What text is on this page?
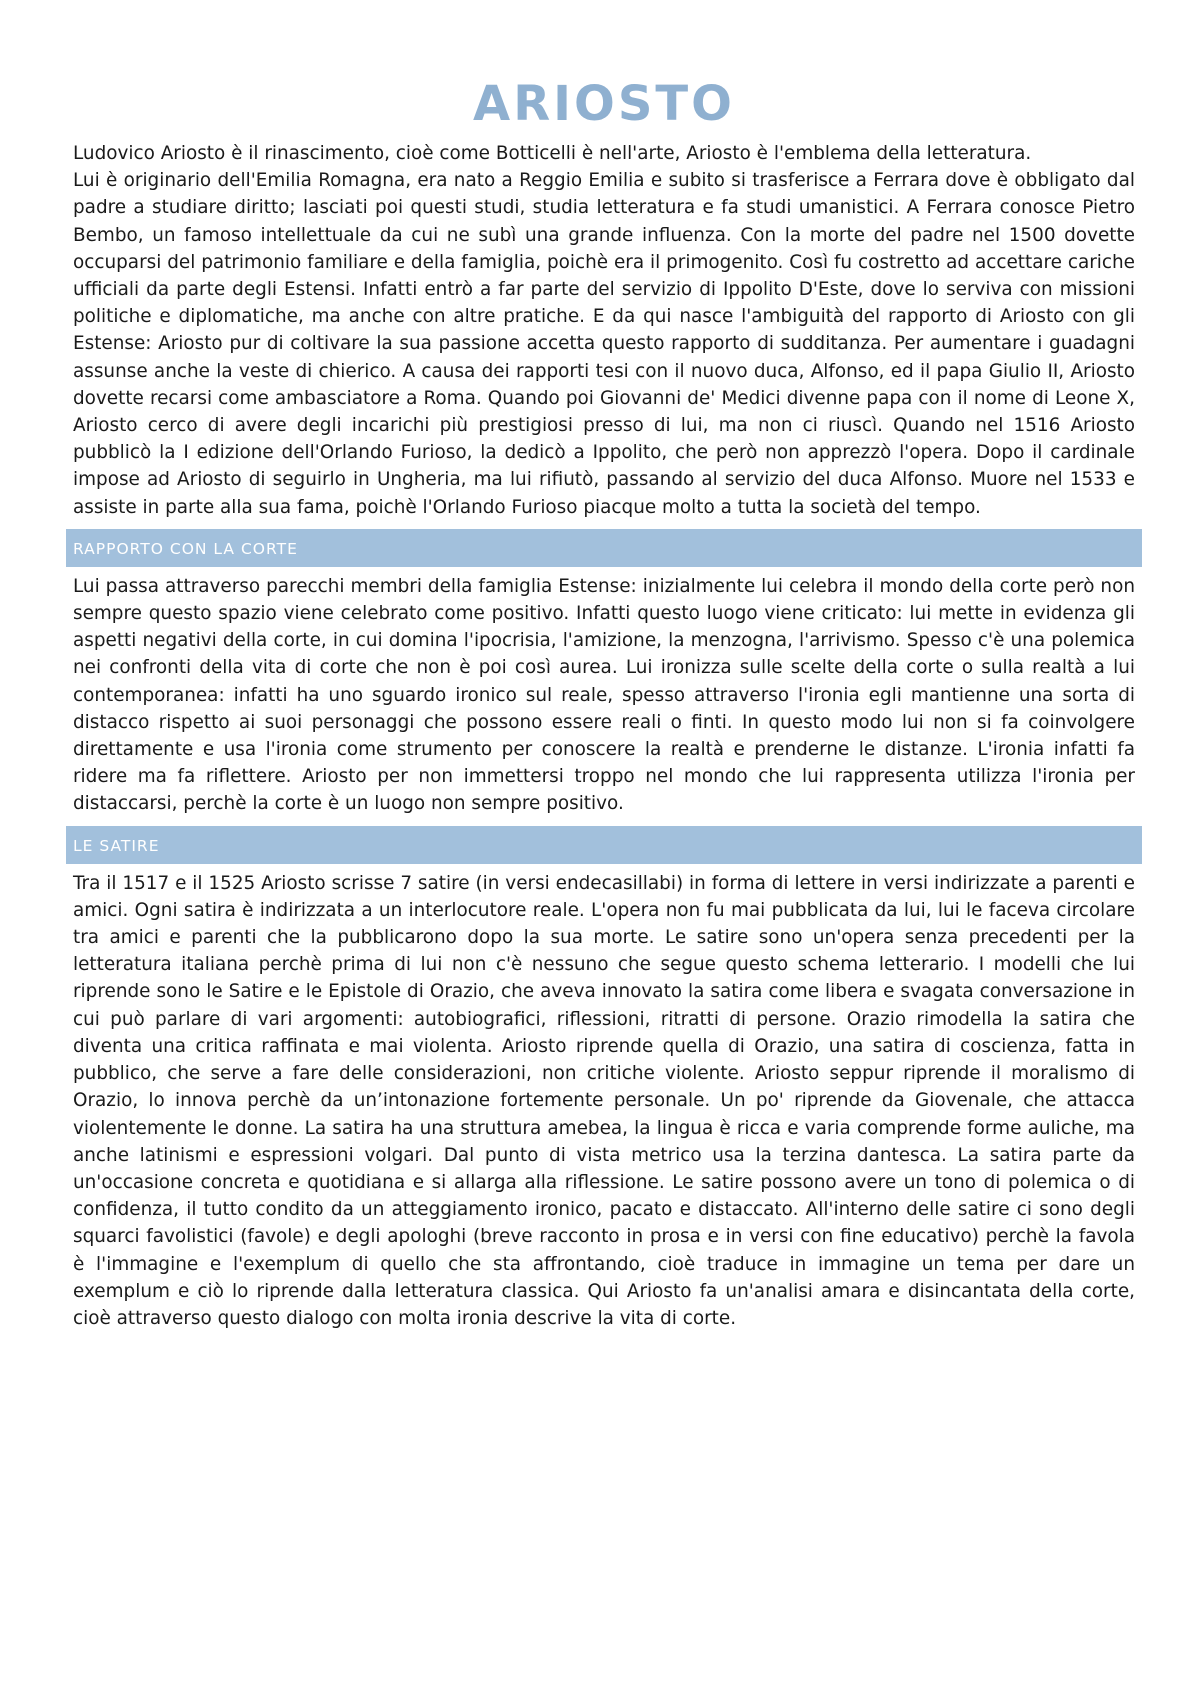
ARIOSTO

Ludovico Ariosto è il rinascimento, cioè come Botticelli è nell'arte, Ariosto è l'emblema della letteratura.

Lui è originario dell'Emilia Romagna, era nato a Reggio Emilia e subito si trasferisce a Ferrara dove è obbligato dal padre a studiare diritto; lasciati poi questi studi, studia letteratura e fa studi umanistici. A Ferrara conosce Pietro Bembo, un famoso intellettuale da cui ne subì una grande influenza. Con la morte del padre nel 1500 dovette occuparsi del patrimonio familiare e della famiglia, poichè era il primogenito. Così fu costretto ad accettare cariche ufficiali da parte degli Estensi. Infatti entrò a far parte del servizio di Ippolito D'Este, dove lo serviva con missioni politiche e diplomatiche, ma anche con altre pratiche. E da qui nasce l'ambiguità del rapporto di Ariosto con gli Estense: Ariosto pur di coltivare la sua passione accetta questo rapporto di sudditanza. Per aumentare i guadagni assunse anche la veste di chierico. A causa dei rapporti tesi con il nuovo duca, Alfonso, ed il papa Giulio II, Ariosto dovette recarsi come ambasciatore a Roma. Quando poi Giovanni de' Medici divenne papa con il nome di Leone X, Ariosto cerco di avere degli incarichi più prestigiosi presso di lui, ma non ci riuscì. Quando nel 1516 Ariosto pubblicò la I edizione dell'Orlando Furioso, la dedicò a Ippolito, che però non apprezzò l'opera. Dopo il cardinale impose ad Ariosto di seguirlo in Ungheria, ma lui rifiutò, passando al servizio del duca Alfonso. Muore nel 1533 e assiste in parte alla sua fama, poichè l'Orlando Furioso piacque molto a tutta la società del tempo.

RAPPORTO CON LA CORTE

Lui passa attraverso parecchi membri della famiglia Estense: inizialmente lui celebra il mondo della corte però non sempre questo spazio viene celebrato come positivo. Infatti questo luogo viene criticato: lui mette in evidenza gli aspetti negativi della corte, in cui domina l'ipocrisia, l'amizione, la menzogna, l'arrivismo. Spesso c'è una polemica nei confronti della vita di corte che non è poi così aurea. Lui ironizza sulle scelte della corte o sulla realtà a lui contemporanea: infatti ha uno sguardo ironico sul reale, spesso attraverso l'ironia egli mantienne una sorta di distacco rispetto ai suoi personaggi che possono essere reali o finti. In questo modo lui non si fa coinvolgere direttamente e usa l'ironia come strumento per conoscere la realtà e prenderne le distanze. L'ironia infatti fa ridere ma fa riflettere. Ariosto per non immettersi troppo nel mondo che lui rappresenta utilizza l'ironia per distaccarsi, perchè la corte è un luogo non sempre positivo.

LE SATIRE

Tra il 1517 e il 1525 Ariosto scrisse 7 satire (in versi endecasillabi) in forma di lettere in versi indirizzate a parenti e amici. Ogni satira è indirizzata a un interlocutore reale. L'opera non fu mai pubblicata da lui, lui le faceva circolare tra amici e parenti che la pubblicarono dopo la sua morte. Le satire sono un'opera senza precedenti per la letteratura italiana perchè prima di lui non c'è nessuno che segue questo schema letterario. I modelli che lui riprende sono le Satire e le Epistole di Orazio, che aveva innovato la satira come libera e svagata conversazione in cui può parlare di vari argomenti: autobiografici, riflessioni, ritratti di persone. Orazio rimodella la satira che diventa una critica raffinata e mai violenta. Ariosto riprende quella di Orazio, una satira di coscienza, fatta in pubblico, che serve a fare delle considerazioni, non critiche violente. Ariosto seppur riprende il moralismo di Orazio, lo innova perchè da un’intonazione fortemente personale. Un po' riprende da Giovenale, che attacca violentemente le donne. La satira ha una struttura amebea, la lingua è ricca e varia comprende forme auliche, ma anche latinismi e espressioni volgari. Dal punto di vista metrico usa la terzina dantesca. La satira parte da un'occasione concreta e quotidiana e si allarga alla riflessione. Le satire possono avere un tono di polemica o di confidenza, il tutto condito da un atteggiamento ironico, pacato e distaccato. All'interno delle satire ci sono degli squarci favolistici (favole) e degli apologhi (breve racconto in prosa e in versi con fine educativo) perchè la favola è l'immagine e l'exemplum di quello che sta affrontando, cioè traduce in immagine un tema per dare un exemplum e ciò lo riprende dalla letteratura classica. Qui Ariosto fa un'analisi amara e disincantata della corte, cioè attraverso questo dialogo con molta ironia descrive la vita di corte.
